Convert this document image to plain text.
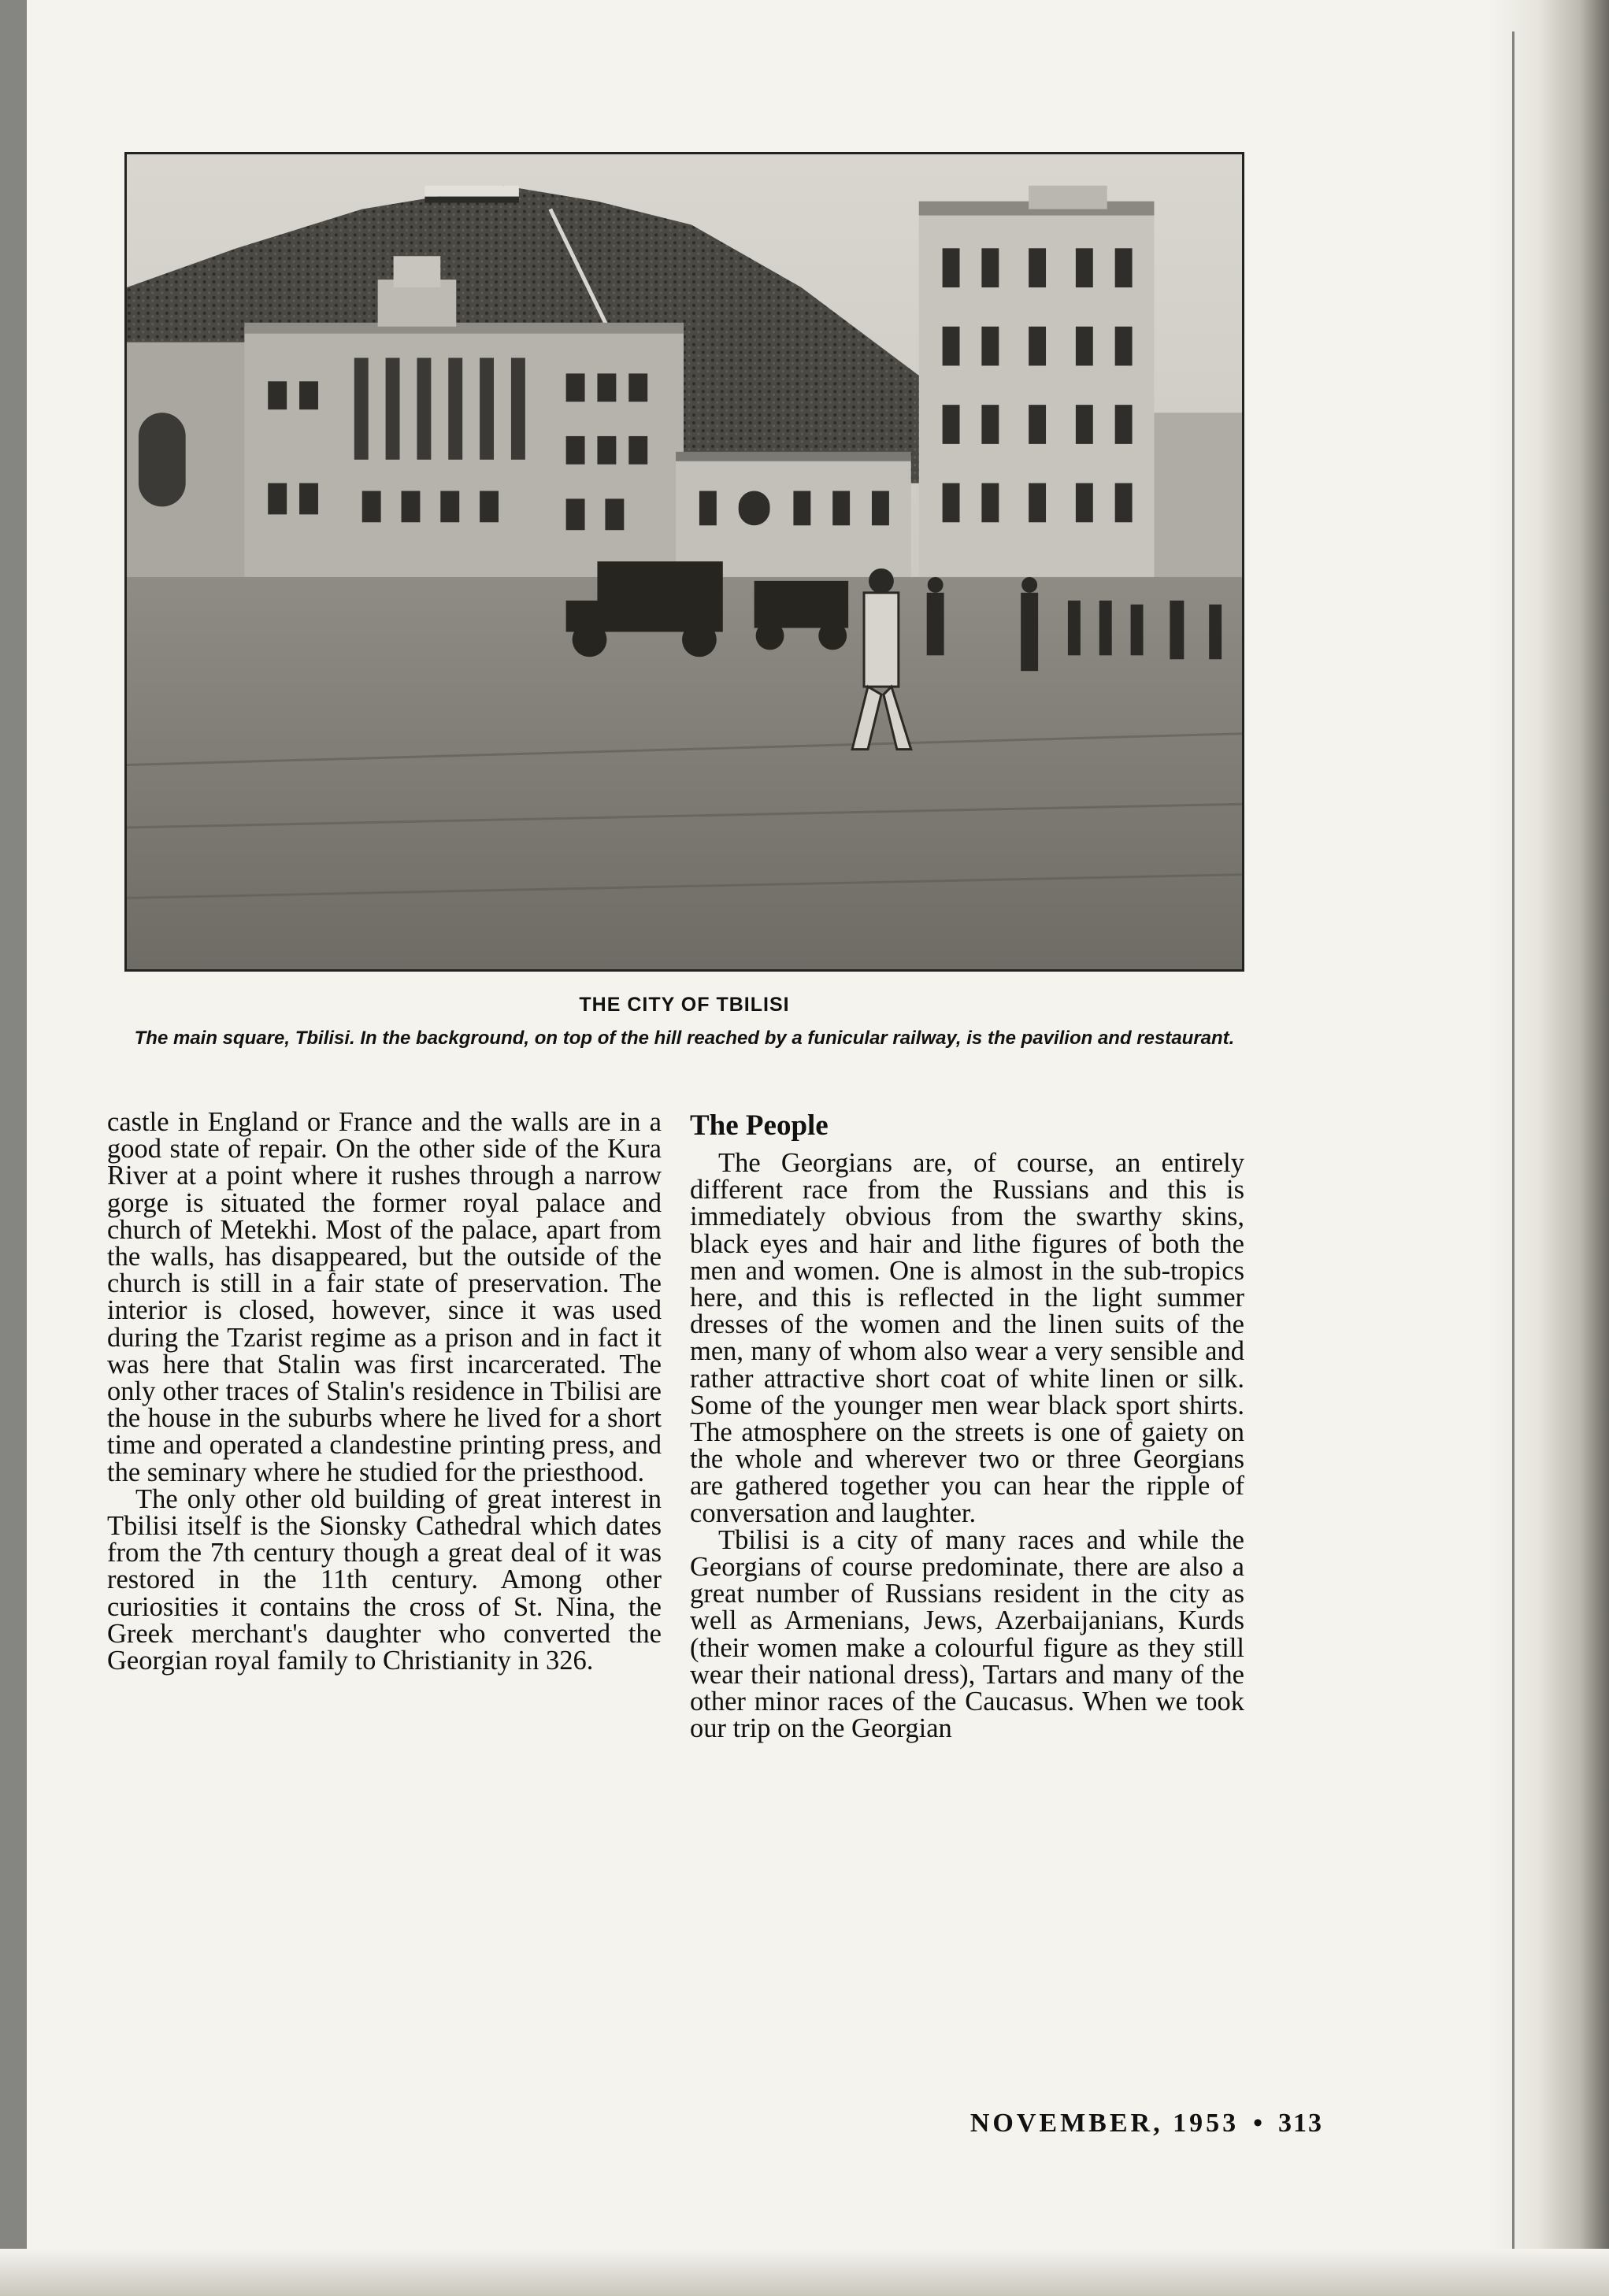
THE CITY OF TBILISI
The main square, Tbilisi. In the background, on top of the hill reached by a funicular railway, is the pavilion and restaurant.

castle in England or France and the walls are in a good state of repair. On the other side of the Kura River at a point where it rushes through a narrow gorge is situated the former royal palace and church of Metekhi. Most of the palace, apart from the walls, has disappeared, but the outside of the church is still in a fair state of preservation. The interior is closed, however, since it was used during the Tzarist regime as a prison and in fact it was here that Stalin was first incarcerated. The only other traces of Stalin's residence in Tbilisi are the house in the suburbs where he lived for a short time and operated a clandestine printing press, and the seminary where he studied for the priesthood.

The only other old building of great interest in Tbilisi itself is the Sionsky Cathedral which dates from the 7th century though a great deal of it was restored in the 11th century. Among other curiosities it contains the cross of St. Nina, the Greek merchant's daughter who converted the Georgian royal family to Christianity in 326.

The People

The Georgians are, of course, an entirely different race from the Russians and this is immediately obvious from the swarthy skins, black eyes and hair and lithe figures of both the men and women. One is almost in the sub-tropics here, and this is reflected in the light summer dresses of the women and the linen suits of the men, many of whom also wear a very sensible and rather attractive short coat of white linen or silk. Some of the younger men wear black sport shirts. The atmosphere on the streets is one of gaiety on the whole and wherever two or three Georgians are gathered together you can hear the ripple of conversation and laughter.

Tbilisi is a city of many races and while the Georgians of course predominate, there are also a great number of Russians resident in the city as well as Armenians, Jews, Azerbaijanians, Kurds (their women make a colourful figure as they still wear their national dress), Tartars and many of the other minor races of the Caucasus. When we took our trip on the Georgian

NOVEMBER, 1953 • 313
